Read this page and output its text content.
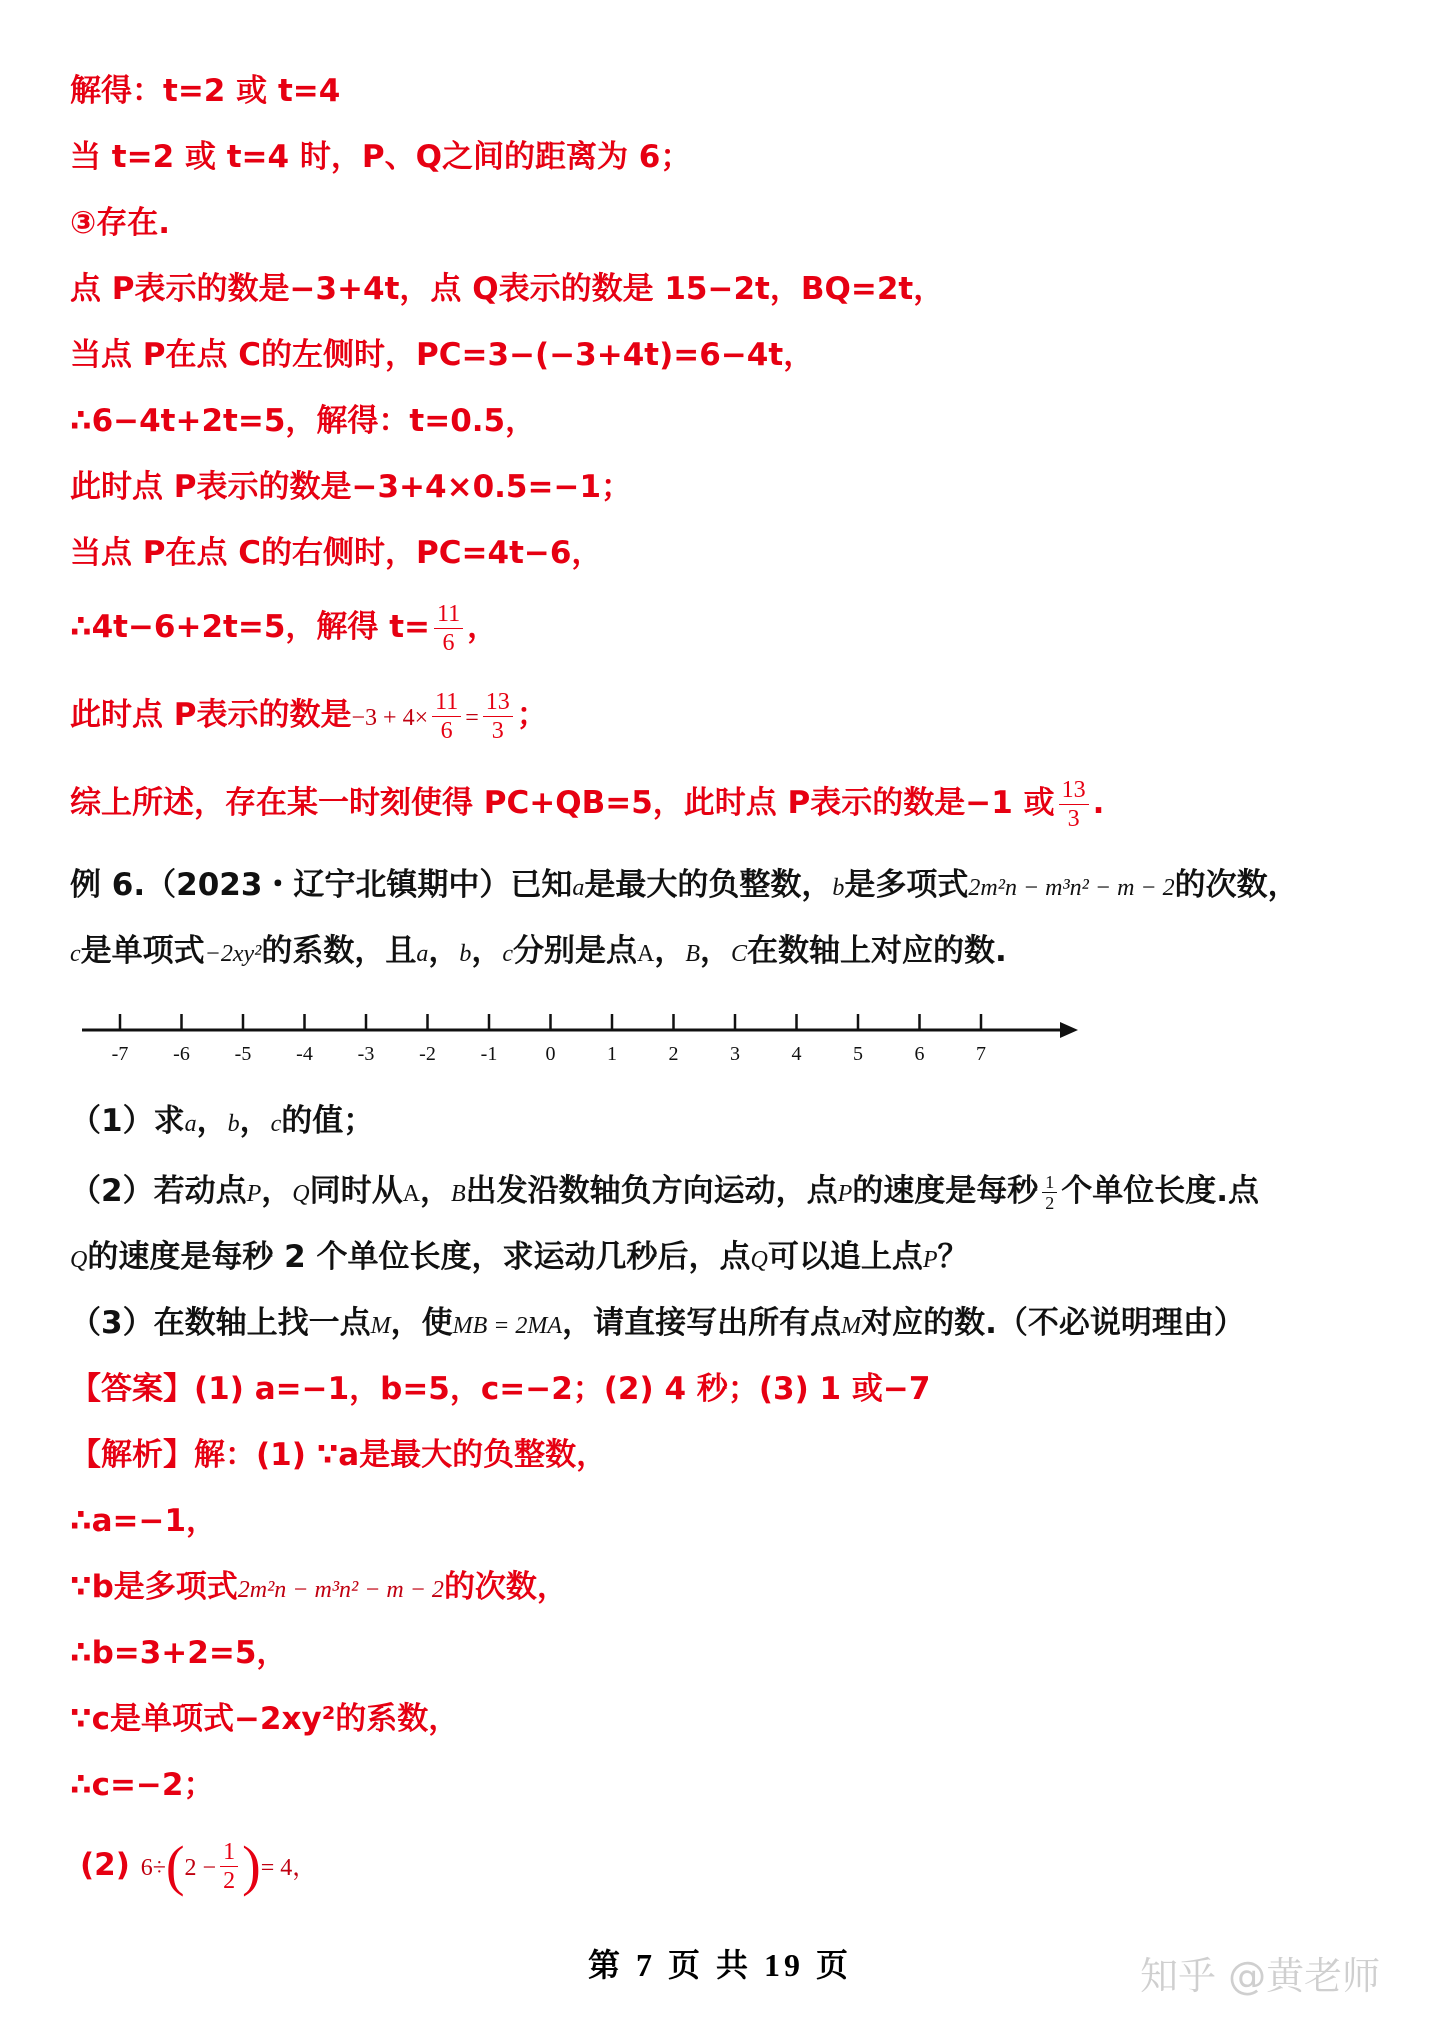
解得：t=2 或 t=4
当 t=2 或 t=4 时，P、Q之间的距离为 6；
③存在.
点 P表示的数是−3+4t，点 Q表示的数是 15−2t，BQ=2t，
当点 P在点 C的左侧时，PC=3−(−3+4t)=6−4t，
∴6−4t+2t=5，解得：t=0.5，
此时点 P表示的数是−3+4×0.5=−1；
当点 P在点 C的右侧时，PC=4t−6，
∴4t−6+2t=5，解得 $t= \frac{11}{6}$ ，
此时点 P表示的数是$-3 + 4\times \frac{11}{6} = \frac{13}{3}$ ；
综上所述，存在某一时刻使得 PC+QB=5，此时点 P表示的数是−1 或 $\frac{13}{3}$ .
例 6.（2023・辽宁北镇期中）已知a是最大的负整数，b是多项式2m²n − m³n² − m − 2的次数，
c是单项式−2xy²的系数，且a，b，c分别是点A，B，C在数轴上对应的数.
-7 -6 -5 -4 -3 -2 -1 0	1	2	3	4	5	6	7
（1）求a，b，c的值；
（2）若动点P，Q同时从A，B出发沿数轴负方向运动，点P的速度是每秒 $\frac{1}{2}$ 个单位长度.点
Q的速度是每秒 2 个单位长度，求运动几秒后，点Q可以追上点P？
（3）在数轴上找一点M，使MB = 2MA，请直接写出所有点M对应的数.（不必说明理由）
【答案】(1) a=−1，b=5，c=−2；(2) 4 秒；(3) 1 或−7
【解析】解：(1) ∵a是最大的负整数，
∴a=−1，
∵b是多项式2m²n − m³n² − m − 2的次数，
∴b=3+2=5，
∵c是单项式−2xy²的系数，
∴c=−2；
(2) $6\div(2 - \frac{1}{2}$ )= 4，
第 7 页 共 19 页	知乎 @黄老师
